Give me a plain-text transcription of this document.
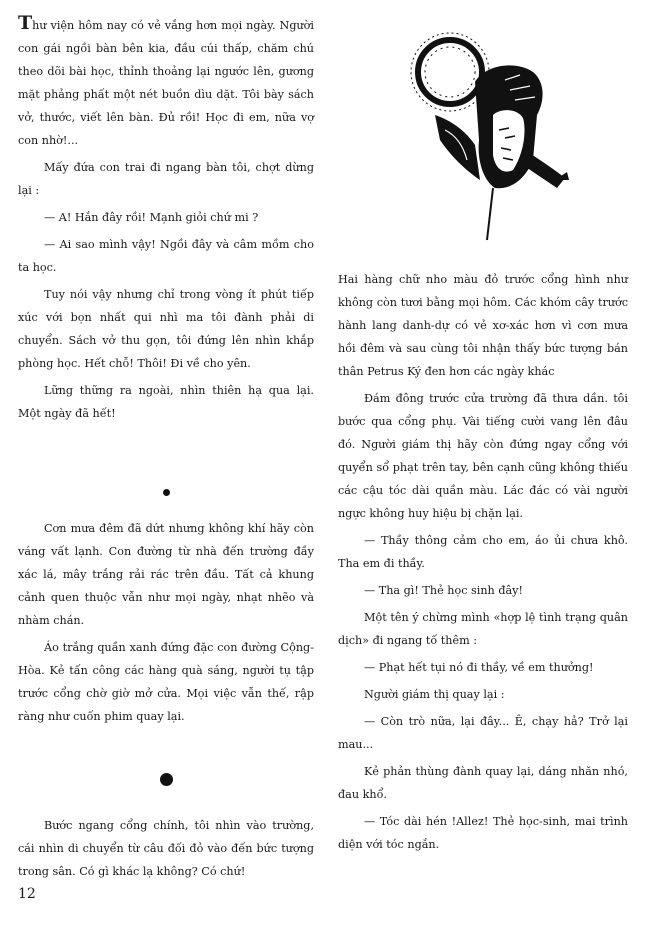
Thư viện hôm nay có vẻ vắng hơn mọi ngày. Người con gái ngồi bàn bên kia, đầu cúi thấp, chăm chú theo dõi bài học, thỉnh thoảng lại ngước lên, gương mặt phảng phất một nét buồn dìu dặt. Tôi bày sách vở, thước, viết lên bàn. Đủ rồi! Học đi em, nữa vợ con nhờ!...

Mấy đứa con trai đi ngang bàn tôi, chợt dừng lại :

— A! Hắn đây rồi! Mạnh giỏi chứ mi ?

— Ai sao mình vậy! Ngồi đây và câm mồm cho ta học.

Tuy nói vậy nhưng chỉ trong vòng ít phút tiếp xúc với bọn nhất qui nhì ma tôi đành phải di chuyển. Sách vở thu gọn, tôi đứng lên nhìn khắp phòng học. Hết chỗ! Thôi! Đi về cho yên.

Lững thững ra ngoài, nhìn thiên hạ qua lại. Một ngày đã hết!

Cơn mưa đêm đã dứt nhưng không khí hãy còn váng vất lạnh. Con đường từ nhà đến trường đầy xác lá, mây trắng rải rác trên đầu. Tất cả khung cảnh quen thuộc vẫn như mọi ngày, nhạt nhẽo và nhàm chán.

Áo trắng quần xanh đứng đặc con đường Cộng-Hòa. Kẻ tấn công các hàng quà sáng, người tụ tập trước cổng chờ giờ mở cửa. Mọi việc vẫn thế, rập ràng như cuốn phim quay lại.

Bước ngang cổng chính, tôi nhìn vào trường, cái nhìn di chuyển từ câu đối đỏ vào đến bức tượng trong sân. Có gì khác lạ không? Có chứ!

Hai hàng chữ nho màu đỏ trước cổng hình như không còn tươi bằng mọi hôm. Các khóm cây trước hành lang danh-dự có vẻ xơ-xác hơn vì cơn mưa hồi đêm và sau cùng tôi nhận thấy bức tượng bán thân Petrus Ký đen hơn các ngày khác

Đám đông trước cửa trường đã thưa dần. tôi bước qua cổng phụ. Vài tiếng cười vang lên đâu đó. Người giám thị hãy còn đứng ngay cổng với quyển sổ phạt trên tay, bên cạnh cũng không thiếu các cậu tóc dài quần màu. Lác đác có vài người ngực không huy hiệu bị chặn lại.

— Thầy thông cảm cho em, áo ủi chưa khô. Tha em đi thầy.

— Tha gì! Thẻ học sinh đây!

Một tên ý chừng mình «hợp lệ tình trạng quân dịch» đi ngang tố thêm :

— Phạt hết tụi nó đi thầy, về em thưởng!

Người giám thị quay lại :

— Còn trò nữa, lại đây... Ê, chạy hả? Trở lại mau...

Kẻ phản thùng đành quay lại, dáng nhăn nhó, đau khổ.

— Tóc dài hén !Allez! Thẻ học-sinh, mai trình diện với tóc ngắn.

12
